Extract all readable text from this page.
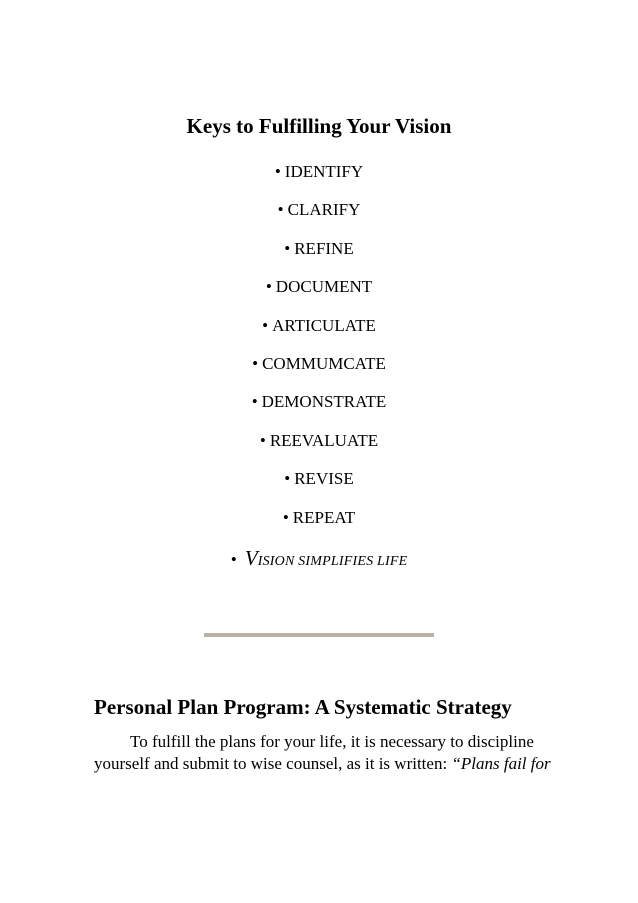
Keys to Fulfilling Your Vision
• IDENTIFY
• CLARIFY
• REFINE
• DOCUMENT
• ARTICULATE
• COMMUMCATE
• DEMONSTRATE
• REEVALUATE
• REVISE
• REPEAT
• VISION SIMPLIFIES LIFE
Personal Plan Program: A Systematic Strategy
To fulfill the plans for your life, it is necessary to discipline
yourself and submit to wise counsel, as it is written: “Plans fail for
